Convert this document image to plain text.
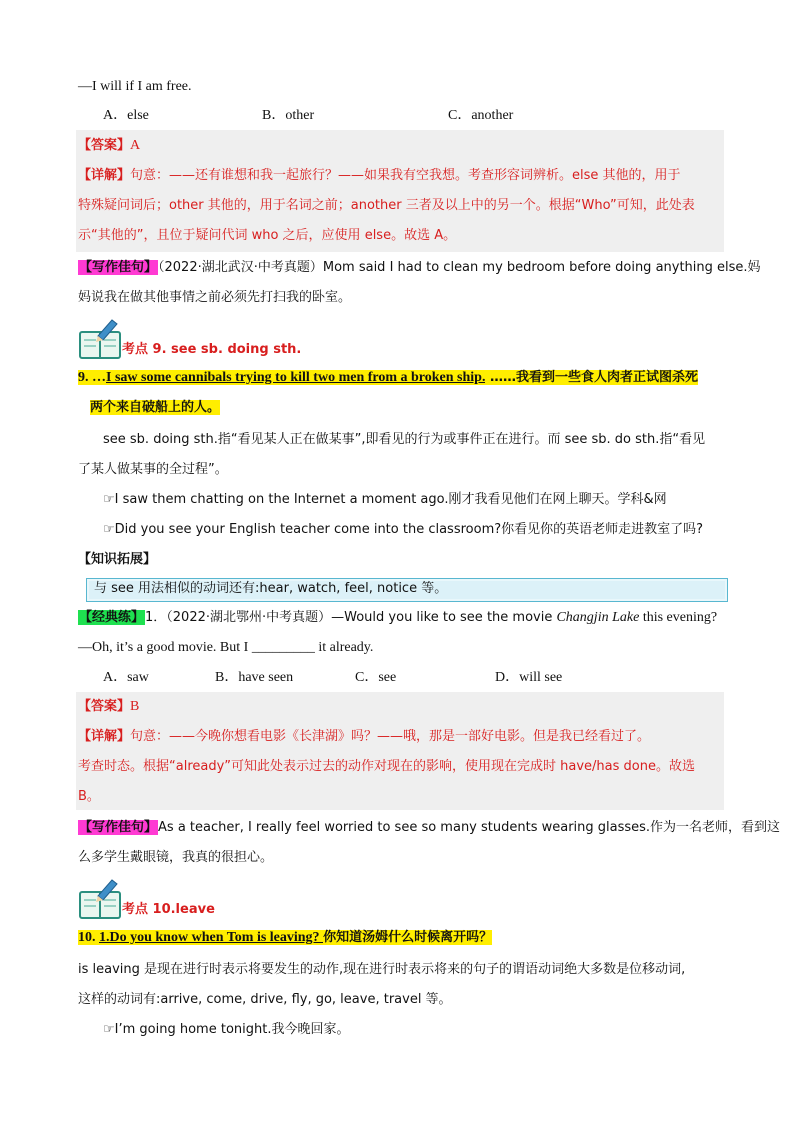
—I will if I am free.
A．else	B．other	C．another
【答案】A
【详解】句意：——还有谁想和我一起旅行？——如果我有空我想。考查形容词辨析。else 其他的，用于
特殊疑问词后；other 其他的，用于名词之前；another 三者及以上中的另一个。根据“Who”可知，此处表
示“其他的”，且位于疑问代词 who 之后，应使用 else。故选 A。
【写作佳句】（2022·湖北武汉·中考真题）Mom said I had to clean my bedroom before doing anything else.妈
妈说我在做其他事情之前必须先打扫我的卧室。
考点 9. see sb. doing sth.
9. …I saw some cannibals trying to kill two men from a broken ship. ……我看到一些食人肉者正试图杀死
两个来自破船上的人。
see sb. doing sth.指“看见某人正在做某事”,即看见的行为或事件正在进行。而 see sb. do sth.指“看见
了某人做某事的全过程”。
☞I saw them chatting on the Internet a moment ago.刚才我看见他们在网上聊天。学科&网
☞Did you see your English teacher come into the classroom?你看见你的英语老师走进教室了吗?
【知识拓展】
与 see 用法相似的动词还有:hear, watch, feel, notice 等。
【经典练】1．（2022·湖北鄂州·中考真题）—Would you like to see the movie Changjin Lake this evening?
—Oh, it’s a good movie. But I _________ it already.
A．saw	B．have seen	C．see	D．will see
【答案】B
【详解】句意：——今晚你想看电影《长津湖》吗？——哦，那是一部好电影。但是我已经看过了。
考查时态。根据“already”可知此处表示过去的动作对现在的影响，使用现在完成时 have/has done。故选
B。
【写作佳句】As a teacher, I really feel worried to see so many students wearing glasses.作为一名老师，看到这
么多学生戴眼镜，我真的很担心。
考点 10.leave
10. 1.Do you know when Tom is leaving? 你知道汤姆什么时候离开吗？
is leaving 是现在进行时表示将要发生的动作,现在进行时表示将来的句子的谓语动词绝大多数是位移动词,
这样的动词有:arrive, come, drive, fly, go, leave, travel 等。
☞I’m going home tonight.我今晚回家。
